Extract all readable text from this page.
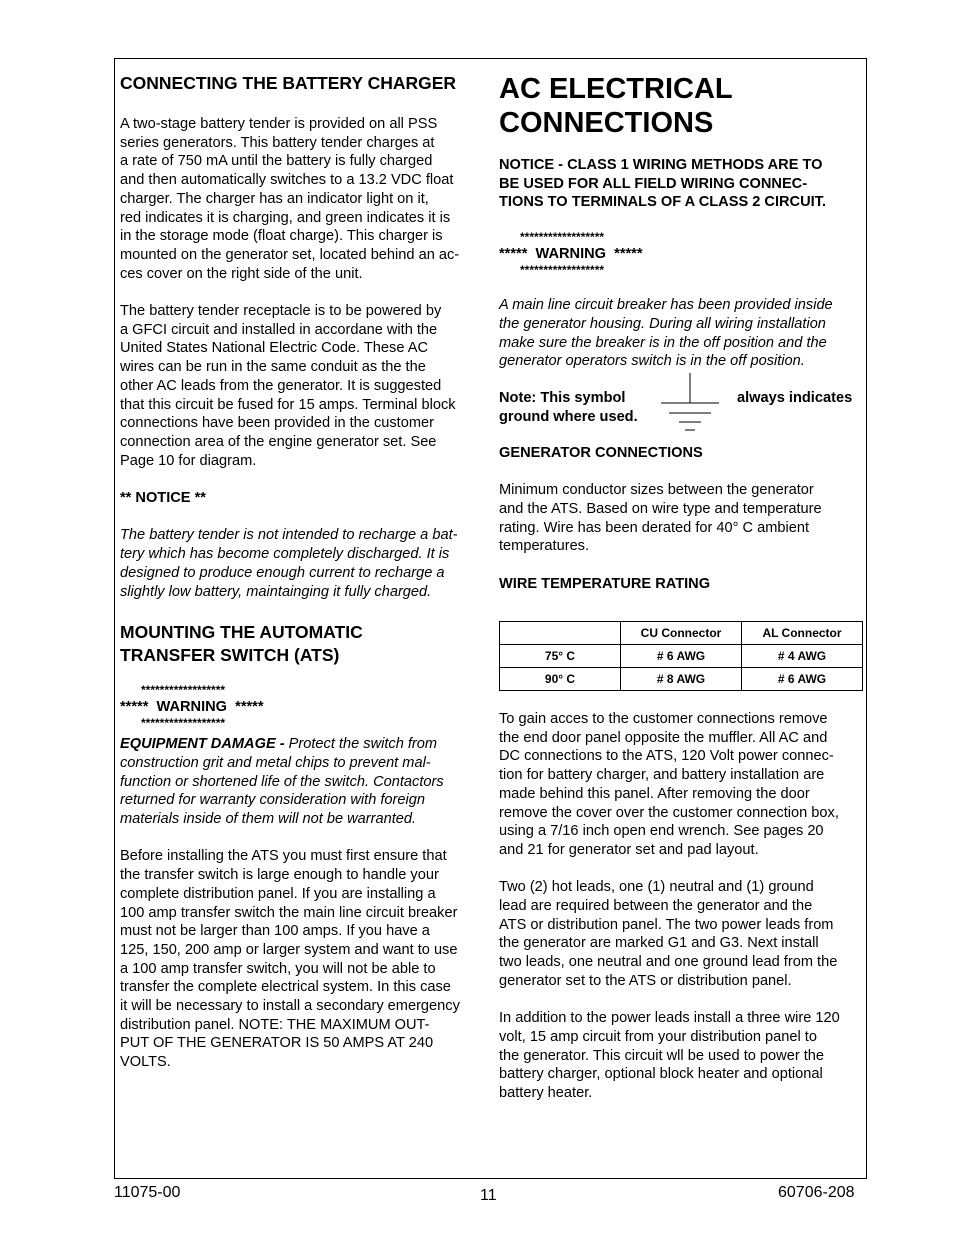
CONNECTING THE BATTERY CHARGER

A two-stage battery tender is provided on all PSS
series generators. This battery tender charges at
a rate of 750 mA until the battery is fully charged
and then automatically switches to a 13.2 VDC float
charger. The charger has an indicator light on it,
red indicates it is charging, and green indicates it is
in the storage mode (float charge). This charger is
mounted on the generator set, located behind an ac-
ces cover on the right side of the unit.

The battery tender receptacle is to be powered by
a GFCI circuit and installed in accordane with the
United States National Electric Code. These AC
wires can be run in the same conduit as the the
other AC leads from the generator. It is suggested
that this circuit be fused for 15 amps. Terminal block
connections have been provided in the customer
connection area of the engine generator set. See
Page 10 for diagram.

** NOTICE **

The battery tender is not intended to recharge a bat-
tery which has become completely discharged. It is
designed to produce enough current to recharge a
slightly low battery, maintainging it fully charged.

MOUNTING THE AUTOMATIC
TRANSFER SWITCH (ATS)

******************
*****  WARNING  *****
******************

EQUIPMENT DAMAGE - Protect the switch from
construction grit and metal chips to prevent mal-
function or shortened life of the switch. Contactors
returned for warranty consideration with foreign
materials inside of them will not be warranted.

Before installing the ATS you must first ensure that
the transfer switch is large enough to handle your
complete distribution panel. If you are installing a
100 amp transfer switch the main line circuit breaker
must not be larger than 100 amps. If you have a
125, 150, 200 amp or larger system and want to use
a 100 amp transfer switch, you will not be able to
transfer the complete electrical system. In this case
it will be necessary to install a secondary emergency
distribution panel. NOTE: THE MAXIMUM OUT-
PUT OF THE GENERATOR IS 50 AMPS AT 240
VOLTS.

AC ELECTRICAL
CONNECTIONS

NOTICE - CLASS 1 WIRING METHODS ARE TO
BE USED FOR ALL FIELD WIRING CONNEC-
TIONS TO TERMINALS OF A CLASS 2 CIRCUIT.

******************
*****  WARNING  *****
******************

A main line circuit breaker has been provided inside
the generator housing. During all wiring installation
make sure the breaker is in the off position and the
generator operators switch is in the off position.

Note: This symbol
ground where used.

always indicates

GENERATOR CONNECTIONS

Minimum conductor sizes between the generator
and the ATS. Based on wire type and temperature
rating. Wire has been derated for 40° C ambient
temperatures.

WIRE TEMPERATURE RATING

	CU Connector	AL Connector
75° C	# 6 AWG	# 4 AWG
90° C	# 8 AWG	# 6 AWG

To gain acces to the customer connections remove
the end door panel opposite the muffler. All AC and
DC connections to the ATS, 120 Volt power connec-
tion for battery charger, and battery installation are
made behind this panel. After removing the door
remove the cover over the customer connection box,
using a 7/16 inch open end wrench. See pages 20
and 21 for generator set and pad layout.

Two (2) hot leads, one (1) neutral and (1) ground
lead are required between the generator and the
ATS or distribution panel. The two power leads from
the generator are marked G1 and G3. Next install
two leads, one neutral and one ground lead from the
generator set to the ATS or distribution panel.

In addition to the power leads install a three wire 120
volt, 15 amp circuit from your distribution panel to
the generator. This circuit wll be used to power the
battery charger, optional block heater and optional
battery heater.

11075-00	11	60706-208
